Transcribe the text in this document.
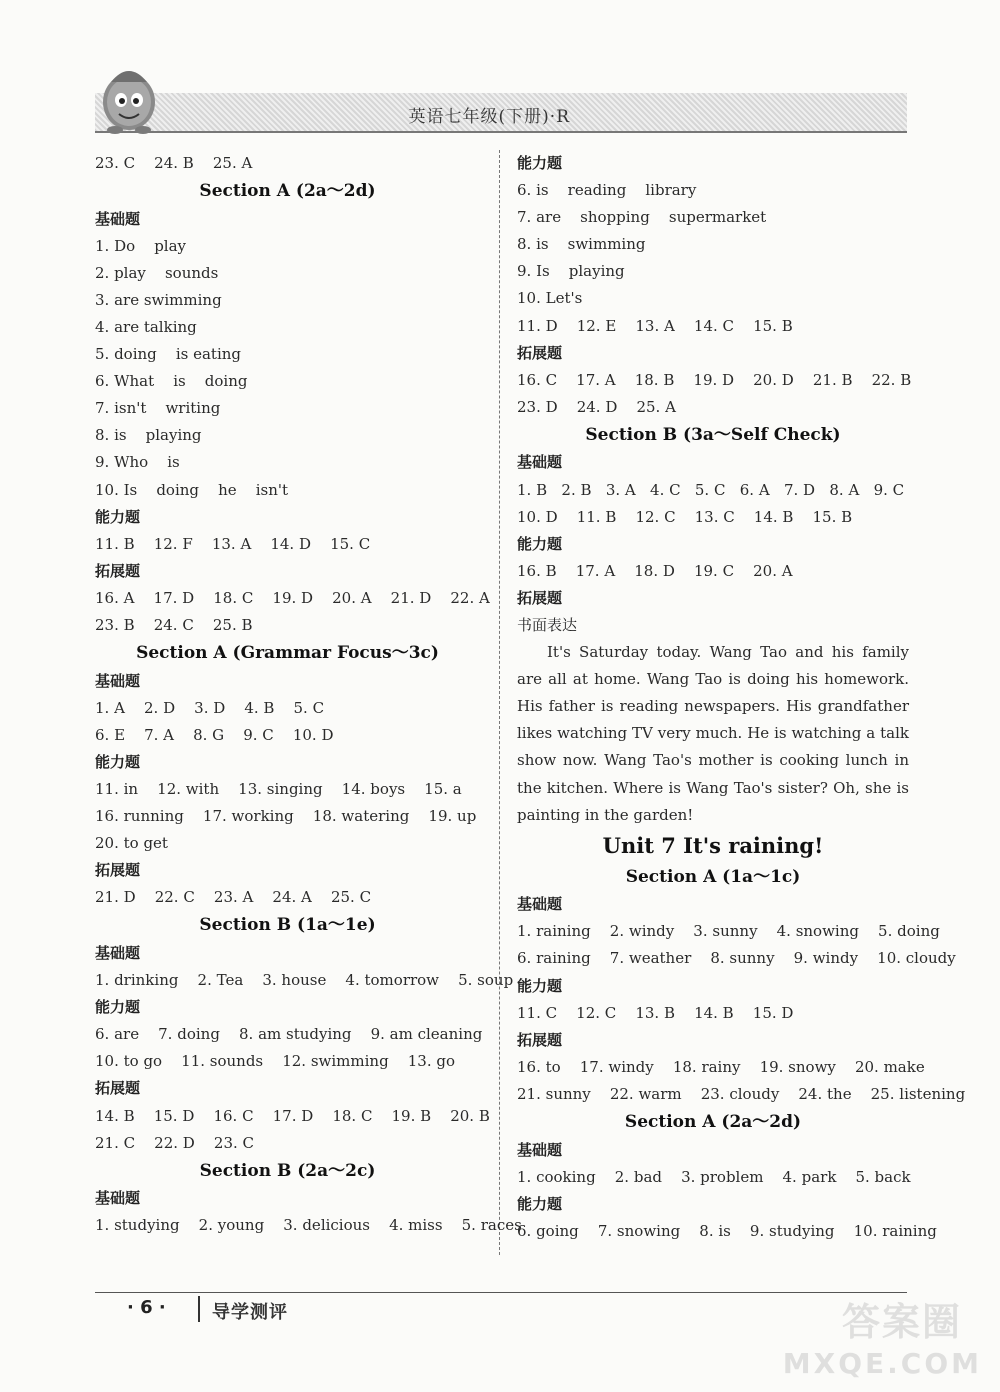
英语七年级(下册)·R
23. C    24. B    25. A
Section A (2a～2d)
基础题
1. Do    play
2. play    sounds
3. are swimming
4. are talking
5. doing    is eating
6. What    is    doing
7. isn't    writing
8. is    playing
9. Who    is
10. Is    doing    he    isn't
能力题
11. B    12. F    13. A    14. D    15. C
拓展题
16. A    17. D    18. C    19. D    20. A    21. D    22. A
23. B    24. C    25. B
Section A (Grammar Focus～3c)
基础题
1. A    2. D    3. D    4. B    5. C
6. E    7. A    8. G    9. C    10. D
能力题
11. in    12. with    13. singing    14. boys    15. a
16. running    17. working    18. watering    19. up
20. to get
拓展题
21. D    22. C    23. A    24. A    25. C
Section B (1a～1e)
基础题
1. drinking    2. Tea    3. house    4. tomorrow    5. soup
能力题
6. are    7. doing    8. am studying    9. am cleaning
10. to go    11. sounds    12. swimming    13. go
拓展题
14. B    15. D    16. C    17. D    18. C    19. B    20. B
21. C    22. D    23. C
Section B (2a～2c)
基础题
1. studying    2. young    3. delicious    4. miss    5. races
能力题
6. is    reading    library
7. are    shopping    supermarket
8. is    swimming
9. Is    playing
10. Let's
11. D    12. E    13. A    14. C    15. B
拓展题
16. C    17. A    18. B    19. D    20. D    21. B    22. B
23. D    24. D    25. A
Section B (3a～Self Check)
基础题
1. B   2. B   3. A   4. C   5. C   6. A   7. D   8. A   9. C
10. D    11. B    12. C    13. C    14. B    15. B
能力题
16. B    17. A    18. D    19. C    20. A
拓展题
书面表达
It's Saturday today. Wang Tao and his family are all at home. Wang Tao is doing his homework. His father is reading newspapers. His grandfather likes watching TV very much. He is watching a talk show now. Wang Tao's mother is cooking lunch in the kitchen. Where is Wang Tao's sister? Oh, she is painting in the garden!
Unit 7 It's raining!
Section A (1a～1c)
基础题
1. raining    2. windy    3. sunny    4. snowing    5. doing
6. raining    7. weather    8. sunny    9. windy    10. cloudy
能力题
11. C    12. C    13. B    14. B    15. D
拓展题
16. to    17. windy    18. rainy    19. snowy    20. make
21. sunny    22. warm    23. cloudy    24. the    25. listening
Section A (2a～2d)
基础题
1. cooking    2. bad    3. problem    4. park    5. back
能力题
6. going    7. snowing    8. is    9. studying    10. raining
· 6 ·	导学测评	答案圈
MXQE.COM
